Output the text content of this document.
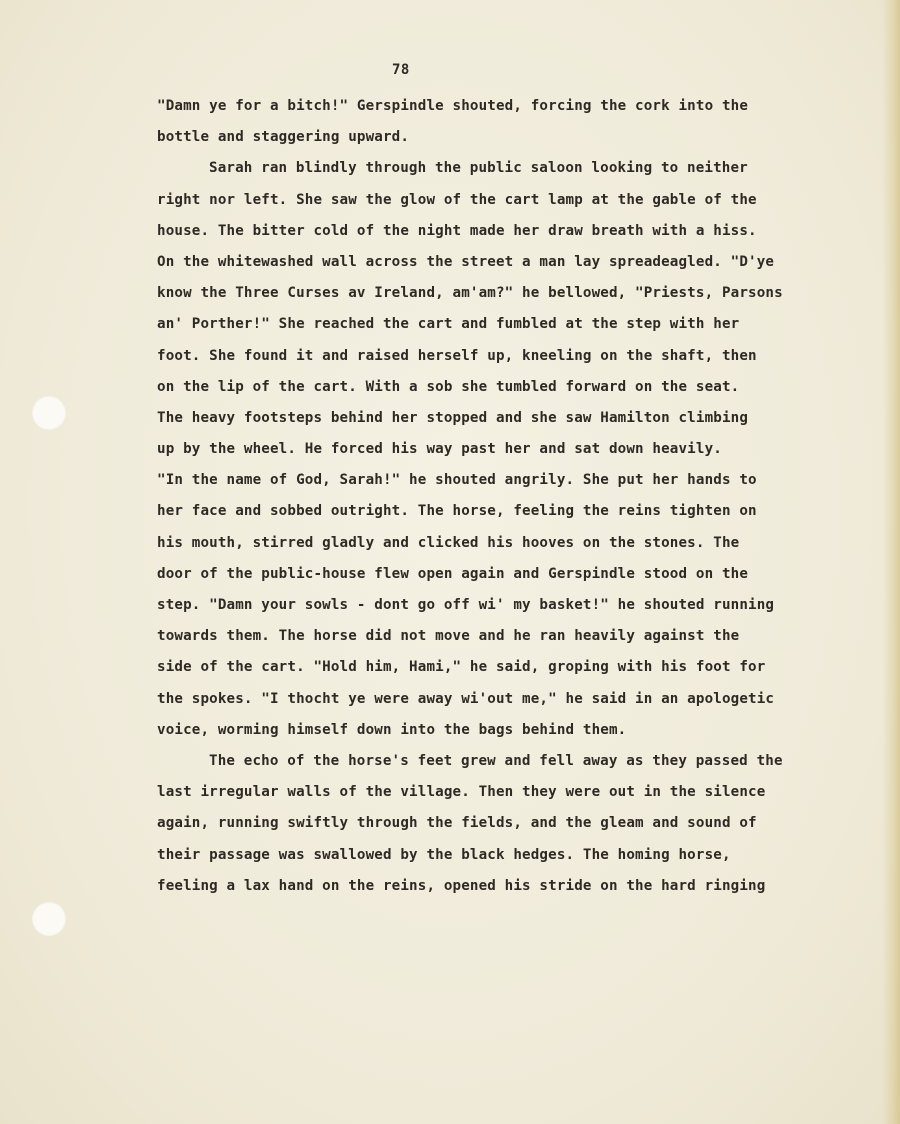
78
"Damn ye for a bitch!" Gerspindle shouted, forcing the cork into the
bottle and staggering upward.
Sarah ran blindly through the public saloon looking to neither
right nor left. She saw the glow of the cart lamp at the gable of the
house. The bitter cold of the night made her draw breath with a hiss.
On the whitewashed wall across the street a man lay spreadeagled. "D'ye
know the Three Curses av Ireland, am'am?" he bellowed, "Priests, Parsons
an' Porther!" She reached the cart and fumbled at the step with her
foot. She found it and raised herself up, kneeling on the shaft, then
on the lip of the cart. With a sob she tumbled forward on the seat.
The heavy footsteps behind her stopped and she saw Hamilton climbing
up by the wheel. He forced his way past her and sat down heavily.
"In the name of God, Sarah!" he shouted angrily. She put her hands to
her face and sobbed outright. The horse, feeling the reins tighten on
his mouth, stirred gladly and clicked his hooves on the stones. The
door of the public-house flew open again and Gerspindle stood on the
step. "Damn your sowls - dont go off wi' my basket!" he shouted running
towards them. The horse did not move and he ran heavily against the
side of the cart. "Hold him, Hami," he said, groping with his foot for
the spokes. "I thocht ye were away wi'out me," he said in an apologetic
voice, worming himself down into the bags behind them.
The echo of the horse's feet grew and fell away as they passed the
last irregular walls of the village. Then they were out in the silence
again, running swiftly through the fields, and the gleam and sound of
their passage was swallowed by the black hedges. The homing horse,
feeling a lax hand on the reins, opened his stride on the hard ringing
